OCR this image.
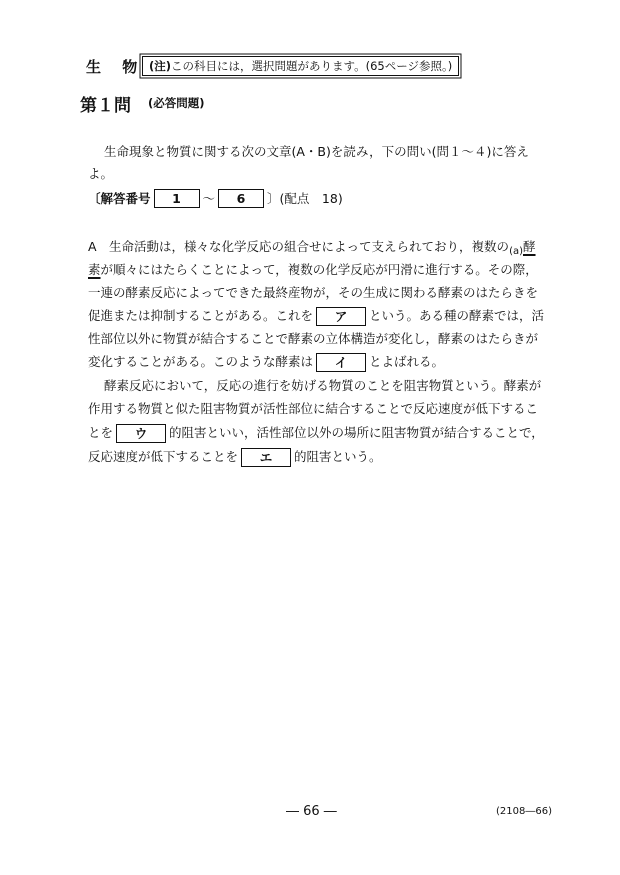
生 物 (注)この科目には，選択問題があります。(65ページ参照。)
第１問 (必答問題)
生命現象と物質に関する次の文章(A・B)を読み，下の問い(問１～４)に答え
よ。
〔解答番号	1	～	6	〕(配点　18)
A　生命活動は，様々な化学反応の組合せによって支えられており，複数の$_{(a)}$酵
素が順々にはたらくことによって，複数の化学反応が円滑に進行する。その際，
一連の酵素反応によってできた最終産物が，その生成に関わる酵素のはたらきを
促進または抑制することがある。これを ア という。ある種の酵素では，活
性部位以外に物質が結合することで酵素の立体構造が変化し，酵素のはたらきが
変化することがある。このような酵素は イ とよばれる。
酵素反応において，反応の進行を妨げる物質のことを阻害物質という。酵素が
作用する物質と似た阻害物質が活性部位に結合することで反応速度が低下するこ
とを ウ 的阻害といい，活性部位以外の場所に阻害物質が結合することで，
反応速度が低下することを エ 的阻害という。
― 66 ―	(2108―66)
